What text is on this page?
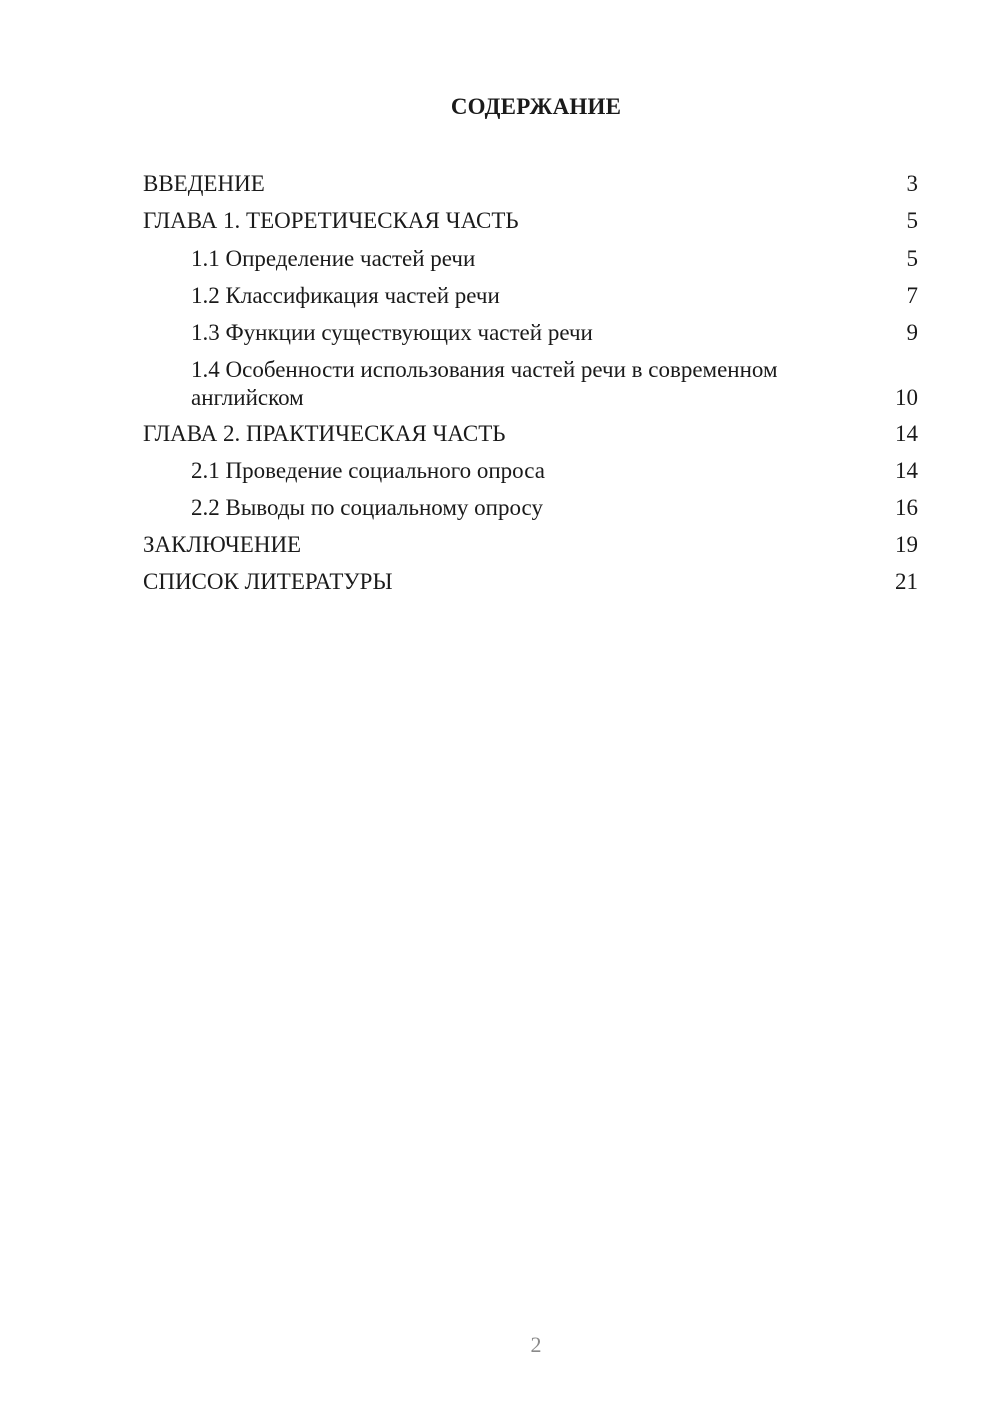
СОДЕРЖАНИЕ
ВВЕДЕНИЕ	3
ГЛАВА 1. ТЕОРЕТИЧЕСКАЯ ЧАСТЬ	5
1.1 Определение частей речи	5
1.2 Классификация частей речи	7
1.3 Функции существующих частей речи	9
1.4 Особенности использования частей речи в современном английском	10
ГЛАВА 2. ПРАКТИЧЕСКАЯ ЧАСТЬ	14
2.1 Проведение социального опроса	14
2.2 Выводы по социальному опросу	16
ЗАКЛЮЧЕНИЕ	19
СПИСОК ЛИТЕРАТУРЫ	21
2
